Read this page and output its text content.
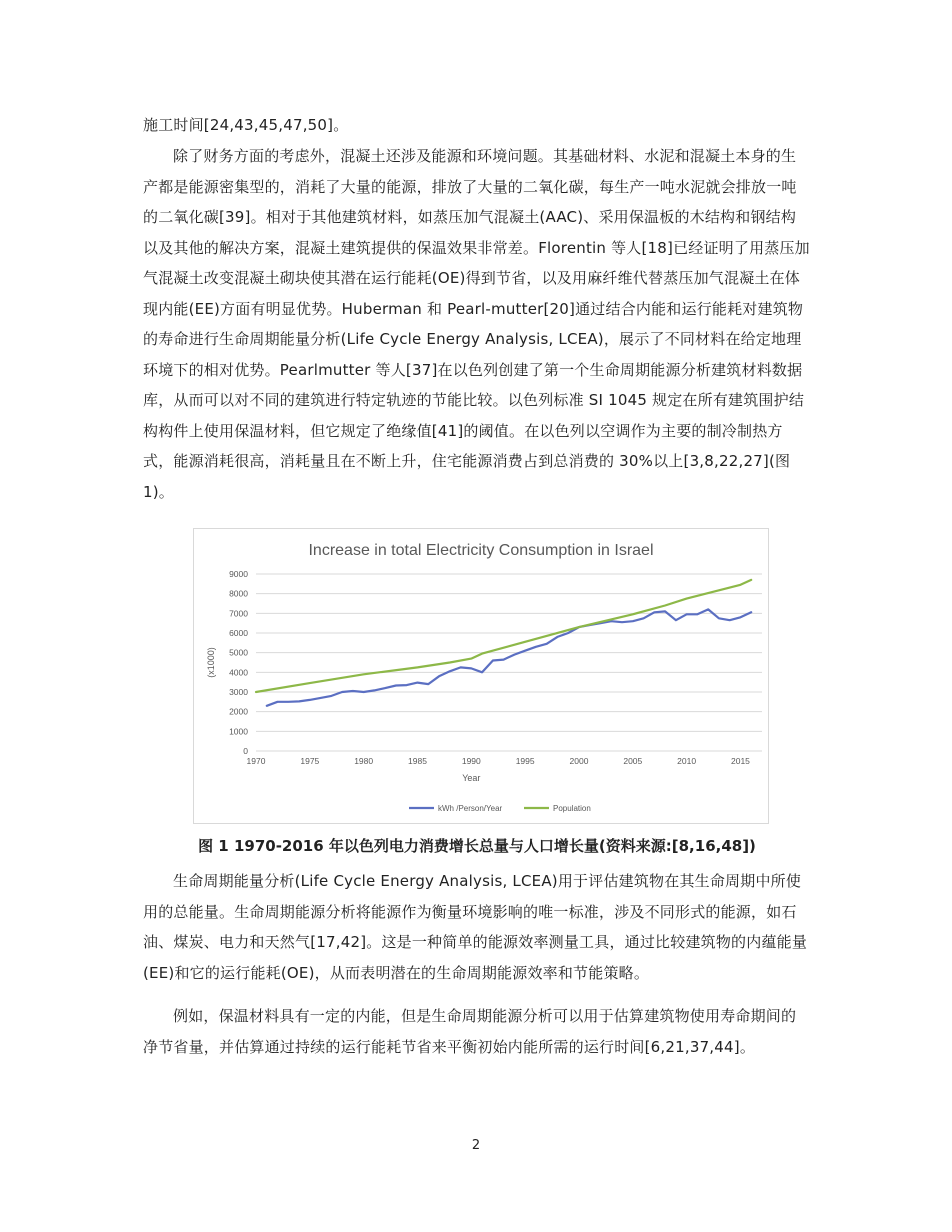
施工时间[24,43,45,47,50]。

除了财务方面的考虑外，混凝土还涉及能源和环境问题。其基础材料、水泥和混凝土本身的生产都是能源密集型的，消耗了大量的能源，排放了大量的二氧化碳，每生产一吨水泥就会排放一吨的二氧化碳[39]。相对于其他建筑材料，如蒸压加气混凝土(AAC)、采用保温板的木结构和钢结构以及其他的解决方案，混凝土建筑提供的保温效果非常差。Florentin 等人[18]已经证明了用蒸压加气混凝土改变混凝土砌块使其潜在运行能耗(OE)得到节省，以及用麻纤维代替蒸压加气混凝土在体现内能(EE)方面有明显优势。Huberman 和 Pearl-mutter[20]通过结合内能和运行能耗对建筑物的寿命进行生命周期能量分析(Life Cycle Energy Analysis, LCEA)，展示了不同材料在给定地理环境下的相对优势。Pearlmutter 等人[37]在以色列创建了第一个生命周期能源分析建筑材料数据库，从而可以对不同的建筑进行特定轨迹的节能比较。以色列标准 SI 1045 规定在所有建筑围护结构构件上使用保温材料，但它规定了绝缘值[41]的阈值。在以色列以空调作为主要的制冷制热方式，能源消耗很高，消耗量且在不断上升，住宅能源消费占到总消费的 30%以上[3,8,22,27](图 1)。

Increase in total Electricity Consumption in Israel
0
1000
2000
3000
4000
5000
6000
7000
8000
9000
1970	1975	1980	1985	1990	1995	2000	2005	2010	2015
Year
(x1000)
kWh /Person/Year	Population

图 1 1970-2016 年以色列电力消费增长总量与人口增长量(资料来源:[8,16,48])

生命周期能量分析(Life Cycle Energy Analysis, LCEA)用于评估建筑物在其生命周期中所使用的总能量。生命周期能源分析将能源作为衡量环境影响的唯一标准，涉及不同形式的能源，如石油、煤炭、电力和天然气[17,42]。这是一种简单的能源效率测量工具，通过比较建筑物的内蕴能量(EE)和它的运行能耗(OE)，从而表明潜在的生命周期能源效率和节能策略。

例如，保温材料具有一定的内能，但是生命周期能源分析可以用于估算建筑物使用寿命期间的净节省量，并估算通过持续的运行能耗节省来平衡初始内能所需的运行时间[6,21,37,44]。

2
